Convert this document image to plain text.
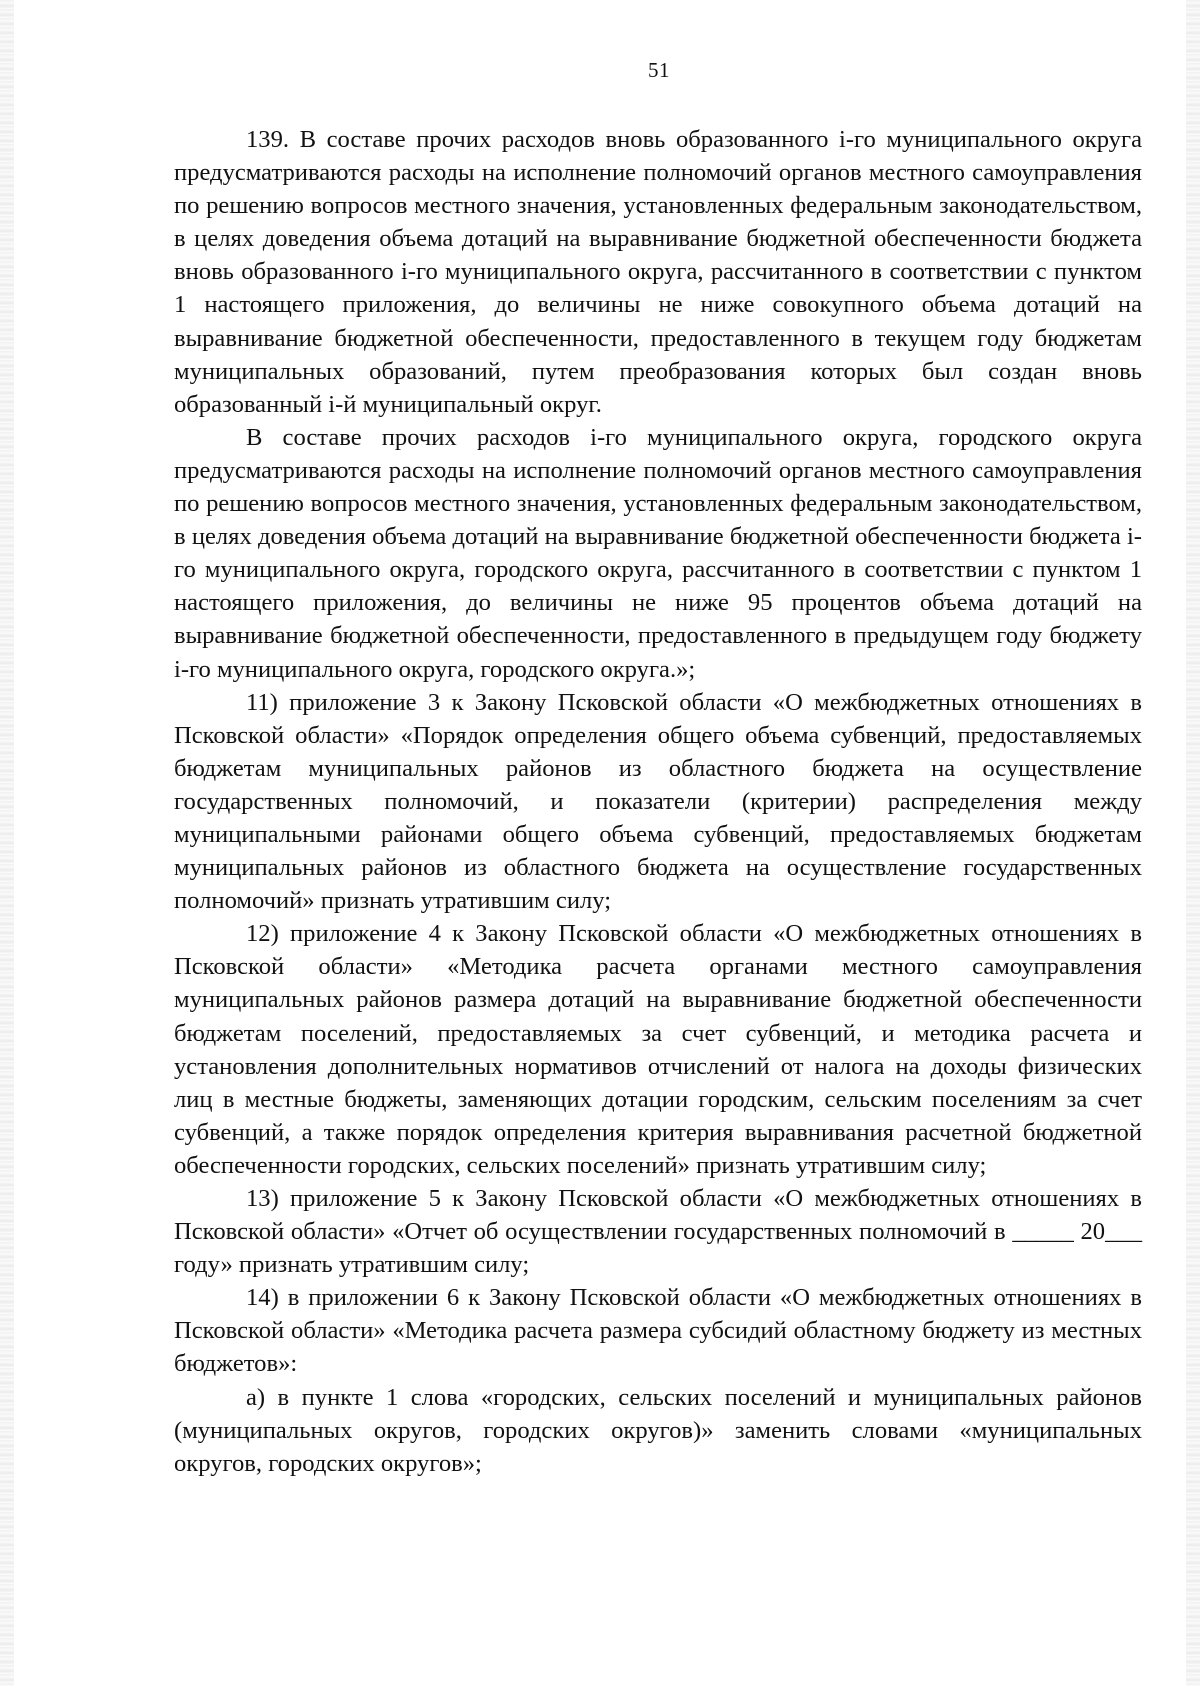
51

139. В составе прочих расходов вновь образованного i-го муниципального округа предусматриваются расходы на исполнение полномочий органов местного самоуправления по решению вопросов местного значения, установленных федеральным законодательством, в целях доведения объема дотаций на выравнивание бюджетной обеспеченности бюджета вновь образованного i-го муниципального округа, рассчитанного в соответствии с пунктом 1 настоящего приложения, до величины не ниже совокупного объема дотаций на выравнивание бюджетной обеспеченности, предоставленного в текущем году бюджетам муниципальных образований, путем преобразования которых был создан вновь образованный i-й муниципальный округ.

В составе прочих расходов i-го муниципального округа, городского округа предусматриваются расходы на исполнение полномочий органов местного самоуправления по решению вопросов местного значения, установленных федеральным законодательством, в целях доведения объема дотаций на выравнивание бюджетной обеспеченности бюджета i-го муниципального округа, городского округа, рассчитанного в соответствии с пунктом 1 настоящего приложения, до величины не ниже 95 процентов объема дотаций на выравнивание бюджетной обеспеченности, предоставленного в предыдущем году бюджету i-го муниципального округа, городского округа.»;

11) приложение 3 к Закону Псковской области «О межбюджетных отношениях в Псковской области» «Порядок определения общего объема субвенций, предоставляемых бюджетам муниципальных районов из областного бюджета на осуществление государственных полномочий, и показатели (критерии) распределения между муниципальными районами общего объема субвенций, предоставляемых бюджетам муниципальных районов из областного бюджета на осуществление государственных полномочий» признать утратившим силу;

12) приложение 4 к Закону Псковской области «О межбюджетных отношениях в Псковской области» «Методика расчета органами местного самоуправления муниципальных районов размера дотаций на выравнивание бюджетной обеспеченности бюджетам поселений, предоставляемых за счет субвенций, и методика расчета и установления дополнительных нормативов отчислений от налога на доходы физических лиц в местные бюджеты, заменяющих дотации городским, сельским поселениям за счет субвенций, а также порядок определения критерия выравнивания расчетной бюджетной обеспеченности городских, сельских поселений» признать утратившим силу;

13) приложение 5 к Закону Псковской области «О межбюджетных отношениях в Псковской области» «Отчет об осуществлении государственных полномочий в _____ 20___ году» признать утратившим силу;

14) в приложении 6 к Закону Псковской области «О межбюджетных отношениях в Псковской области» «Методика расчета размера субсидий областному бюджету из местных бюджетов»:

а) в пункте 1 слова «городских, сельских поселений и муниципальных районов (муниципальных округов, городских округов)» заменить словами «муниципальных округов, городских округов»;
